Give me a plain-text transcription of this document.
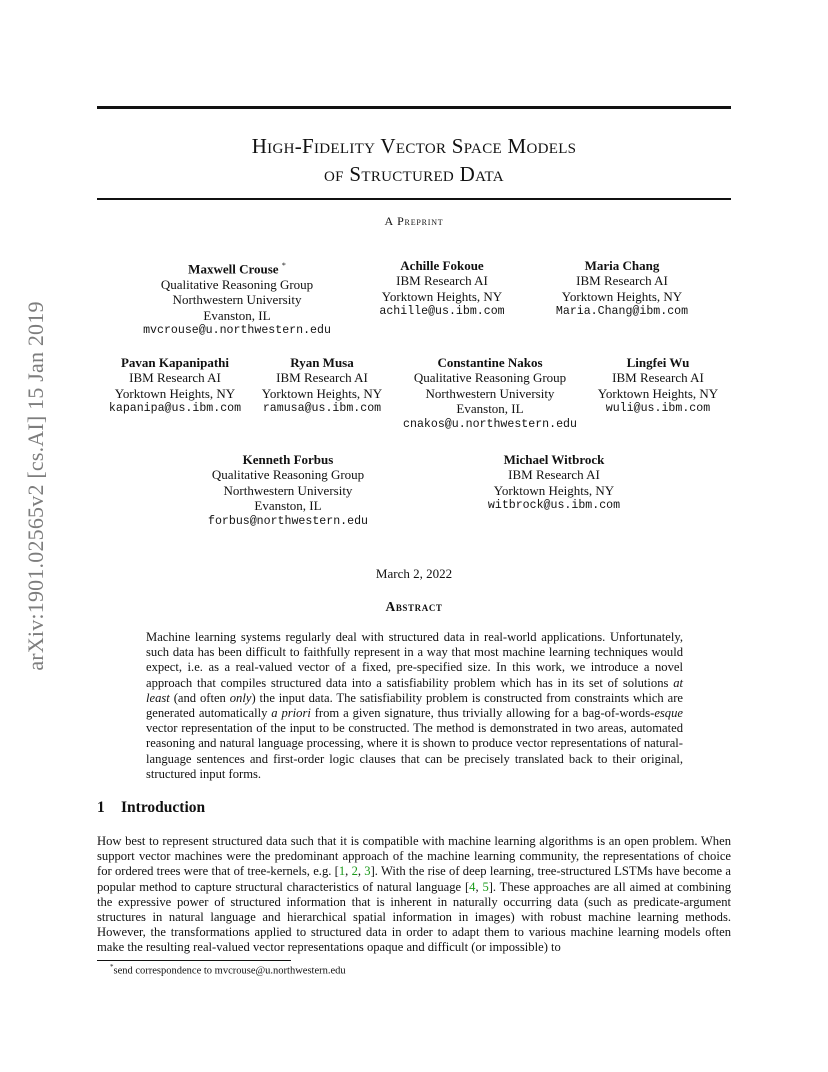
arXiv:1901.02565v2 [cs.AI] 15 Jan 2019
High-Fidelity Vector Space Models
of Structured Data
A Preprint
Maxwell Crouse *
Qualitative Reasoning Group
Northwestern University
Evanston, IL
mvcrouse@u.northwestern.edu
Achille Fokoue
IBM Research AI
Yorktown Heights, NY
achille@us.ibm.com
Maria Chang
IBM Research AI
Yorktown Heights, NY
Maria.Chang@ibm.com
Pavan Kapanipathi
IBM Research AI
Yorktown Heights, NY
kapanipa@us.ibm.com
Ryan Musa
IBM Research AI
Yorktown Heights, NY
ramusa@us.ibm.com
Constantine Nakos
Qualitative Reasoning Group
Northwestern University
Evanston, IL
cnakos@u.northwestern.edu
Lingfei Wu
IBM Research AI
Yorktown Heights, NY
wuli@us.ibm.com
Kenneth Forbus
Qualitative Reasoning Group
Northwestern University
Evanston, IL
forbus@northwestern.edu
Michael Witbrock
IBM Research AI
Yorktown Heights, NY
witbrock@us.ibm.com
March 2, 2022
Abstract

Machine learning systems regularly deal with structured data in real-world applications. Unfortunately, such data has been difficult to faithfully represent in a way that most machine learning techniques would expect, i.e. as a real-valued vector of a fixed, pre-specified size. In this work, we introduce a novel approach that compiles structured data into a satisfiability problem which has in its set of solutions at least (and often only) the input data. The satisfiability problem is constructed from constraints which are generated automatically a priori from a given signature, thus trivially allowing for a bag-of-words-esque vector representation of the input to be constructed. The method is demonstrated in two areas, automated reasoning and natural language processing, where it is shown to produce vector representations of natural-language sentences and first-order logic clauses that can be precisely translated back to their original, structured input forms.

1 Introduction

How best to represent structured data such that it is compatible with machine learning algorithms is an open problem. When support vector machines were the predominant approach of the machine learning community, the representations of choice for ordered trees were that of tree-kernels, e.g. [1, 2, 3]. With the rise of deep learning, tree-structured LSTMs have become a popular method to capture structural characteristics of natural language [4, 5]. These approaches are all aimed at combining the expressive power of structured information that is inherent in naturally occurring data (such as predicate-argument structures in natural language and hierarchical spatial information in images) with robust machine learning methods. However, the transformations applied to structured data in order to adapt them to various machine learning models often make the resulting real-valued vector representations opaque and difficult (or impossible) to

*send correspondence to mvcrouse@u.northwestern.edu
